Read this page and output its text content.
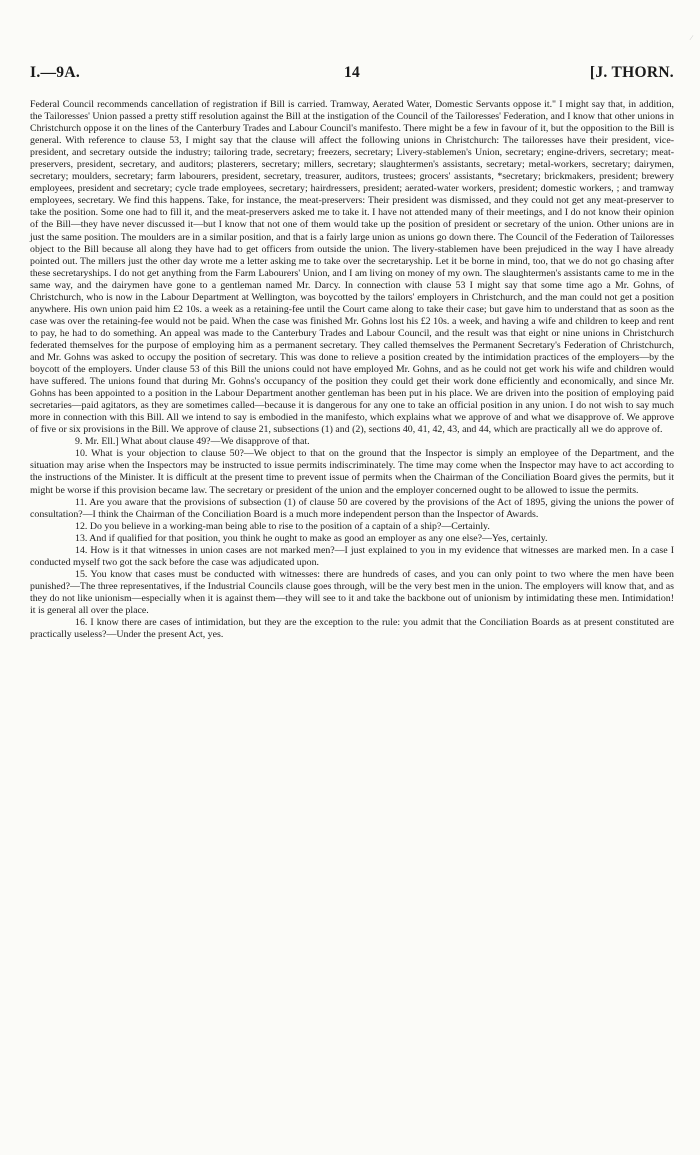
∕
14
I.—9A.	[J. THORN.

Federal Council recommends cancellation of registration if Bill is carried. Tramway, Aerated Water, Domestic Servants oppose it." I might say that, in addition, the Tailoresses' Union passed a pretty stiff resolution against the Bill at the instigation of the Council of the Tailoresses' Federation, and I know that other unions in Christchurch oppose it on the lines of the Canterbury Trades and Labour Council's manifesto. There might be a few in favour of it, but the opposition to the Bill is general. With reference to clause 53, I might say that the clause will affect the following unions in Christchurch: The tailoresses have their president, vice-president, and secretary outside the industry; tailoring trade, secretary; freezers, secretary; Livery-stablemen's Union, secretary; engine-drivers, secretary; meat-preservers, president, secretary, and auditors; plasterers, secretary; millers, secretary; slaughtermen's assistants, secretary; metal-workers, secretary; dairymen, secretary; moulders, secretary; farm labourers, president, secretary, treasurer, auditors, trustees; grocers' assistants, *secretary; brickmakers, president; brewery employees, president and secretary; cycle trade employees, secretary; hairdressers, president; aerated-water workers, president; domestic workers, ; and tramway employees, secretary. We find this happens. Take, for instance, the meat-preservers: Their president was dismissed, and they could not get any meat-preserver to take the position. Some one had to fill it, and the meat-preservers asked me to take it. I have not attended many of their meetings, and I do not know their opinion of the Bill—they have never discussed it—but I know that not one of them would take up the position of president or secretary of the union. Other unions are in just the same position. The moulders are in a similar position, and that is a fairly large union as unions go down there. The Council of the Federation of Tailoresses object to the Bill because all along they have had to get officers from outside the union. The livery-stablemen have been prejudiced in the way I have already pointed out. The millers just the other day wrote me a letter asking me to take over the secretaryship. Let it be borne in mind, too, that we do not go chasing after these secretaryships. I do not get anything from the Farm Labourers' Union, and I am living on money of my own. The slaughtermen's assistants came to me in the same way, and the dairymen have gone to a gentleman named Mr. Darcy. In connection with clause 53 I might say that some time ago a Mr. Gohns, of Christchurch, who is now in the Labour Department at Wellington, was boycotted by the tailors' employers in Christchurch, and the man could not get a position anywhere. His own union paid him £2 10s. a week as a retaining-fee until the Court came along to take their case; but gave him to understand that as soon as the case was over the retaining-fee would not be paid. When the case was finished Mr. Gohns lost his £2 10s. a week, and having a wife and children to keep and rent to pay, he had to do something. An appeal was made to the Canterbury Trades and Labour Council, and the result was that eight or nine unions in Christchurch federated themselves for the purpose of employing him as a permanent secretary. They called themselves the Permanent Secretary's Federation of Christchurch, and Mr. Gohns was asked to occupy the position of secretary. This was done to relieve a position created by the intimidation practices of the employers—by the boycott of the employers. Under clause 53 of this Bill the unions could not have employed Mr. Gohns, and as he could not get work his wife and children would have suffered. The unions found that during Mr. Gohns's occupancy of the position they could get their work done efficiently and economically, and since Mr. Gohns has been appointed to a position in the Labour Department another gentleman has been put in his place. We are driven into the position of employing paid secretaries—paid agitators, as they are sometimes called—because it is dangerous for any one to take an official position in any union. I do not wish to say much more in connection with this Bill. All we intend to say is embodied in the manifesto, which explains what we approve of and what we disapprove of. We approve of five or six provisions in the Bill. We approve of clause 21, subsections (1) and (2), sections 40, 41, 42, 43, and 44, which are practically all we do approve of.

9. Mr. Ell.] What about clause 49?—We disapprove of that.

10. What is your objection to clause 50?—We object to that on the ground that the Inspector is simply an employee of the Department, and the situation may arise when the Inspectors may be instructed to issue permits indiscriminately. The time may come when the Inspector may have to act according to the instructions of the Minister. It is difficult at the present time to prevent issue of permits when the Chairman of the Conciliation Board gives the permits, but it might be worse if this provision became law. The secretary or president of the union and the employer concerned ought to be allowed to issue the permits.

11. Are you aware that the provisions of subsection (1) of clause 50 are covered by the provisions of the Act of 1895, giving the unions the power of consultation?—I think the Chairman of the Conciliation Board is a much more independent person than the Inspector of Awards.

12. Do you believe in a working-man being able to rise to the position of a captain of a ship?—Certainly.

13. And if qualified for that position, you think he ought to make as good an employer as any one else?—Yes, certainly.

14. How is it that witnesses in union cases are not marked men?—I just explained to you in my evidence that witnesses are marked men. In a case I conducted myself two got the sack before the case was adjudicated upon.

15. You know that cases must be conducted with witnesses: there are hundreds of cases, and you can only point to two where the men have been punished?—The three representatives, if the Industrial Councils clause goes through, will be the very best men in the union. The employers will know that, and as they do not like unionism—especially when it is against them—they will see to it and take the backbone out of unionism by intimidating these men. Intimidation! it is general all over the place.

16. I know there are cases of intimidation, but they are the exception to the rule: you admit that the Conciliation Boards as at present constituted are practically useless?—Under the present Act, yes.
